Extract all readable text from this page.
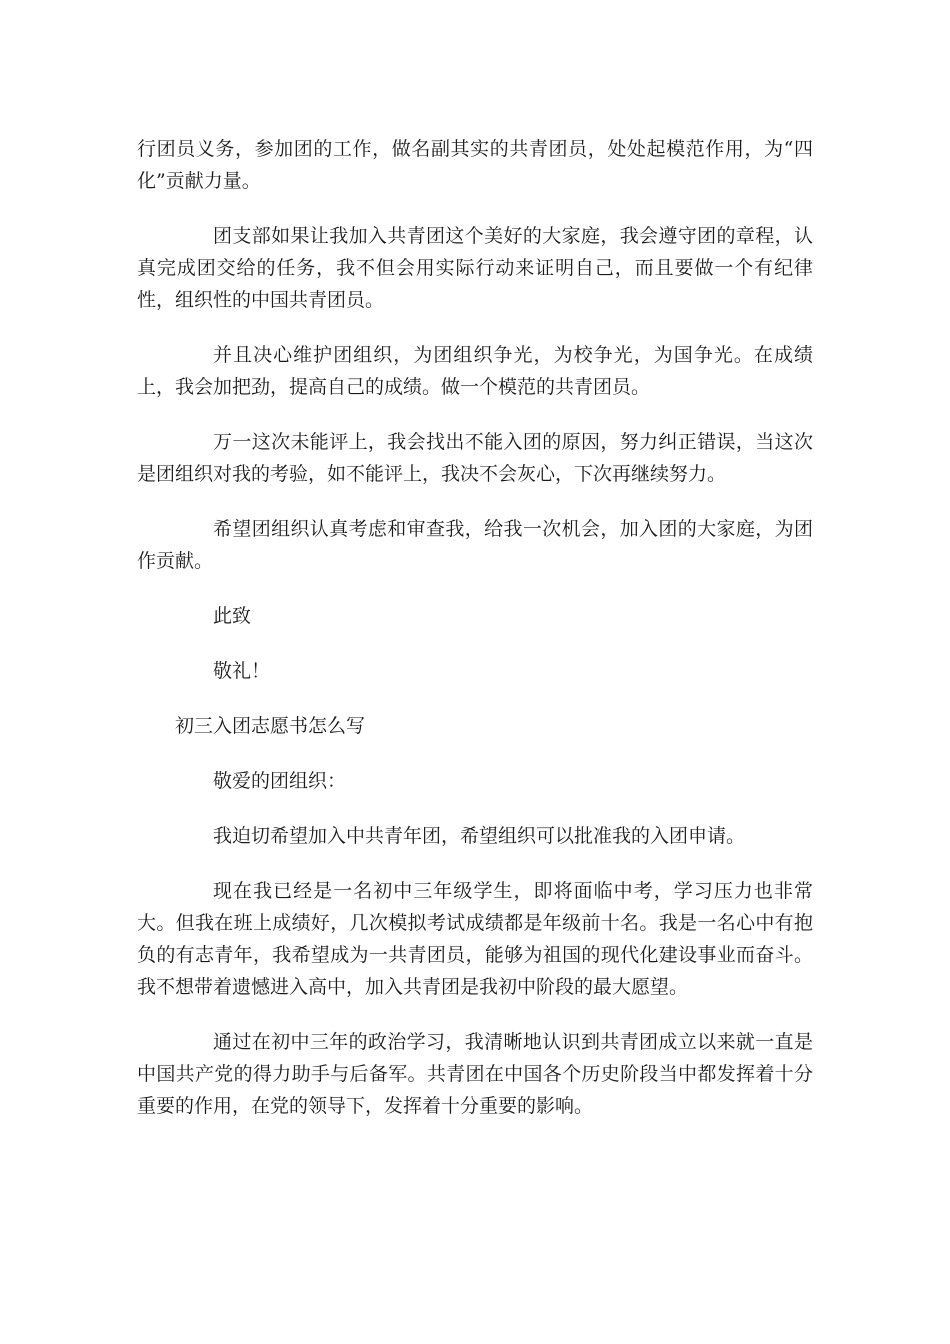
行团员义务，参加团的工作，做名副其实的共青团员，处处起模范作用，为“四化”贡献力量。

团支部如果让我加入共青团这个美好的大家庭，我会遵守团的章程，认真完成团交给的任务，我不但会用实际行动来证明自己，而且要做一个有纪律性，组织性的中国共青团员。

并且决心维护团组织，为团组织争光，为校争光，为国争光。在成绩上，我会加把劲，提高自己的成绩。做一个模范的共青团员。

万一这次未能评上，我会找出不能入团的原因，努力纠正错误，当这次是团组织对我的考验，如不能评上，我决不会灰心，下次再继续努力。

希望团组织认真考虑和审查我，给我一次机会，加入团的大家庭，为团作贡献。

此致

敬礼！

初三入团志愿书怎么写

敬爱的团组织：

我迫切希望加入中共青年团，希望组织可以批准我的入团申请。

现在我已经是一名初中三年级学生，即将面临中考，学习压力也非常大。但我在班上成绩好，几次模拟考试成绩都是年级前十名。我是一名心中有抱负的有志青年，我希望成为一共青团员，能够为祖国的现代化建设事业而奋斗。我不想带着遗憾进入高中，加入共青团是我初中阶段的最大愿望。

通过在初中三年的政治学习，我清晰地认识到共青团成立以来就一直是中国共产党的得力助手与后备军。共青团在中国各个历史阶段当中都发挥着十分重要的作用，在党的领导下，发挥着十分重要的影响。
